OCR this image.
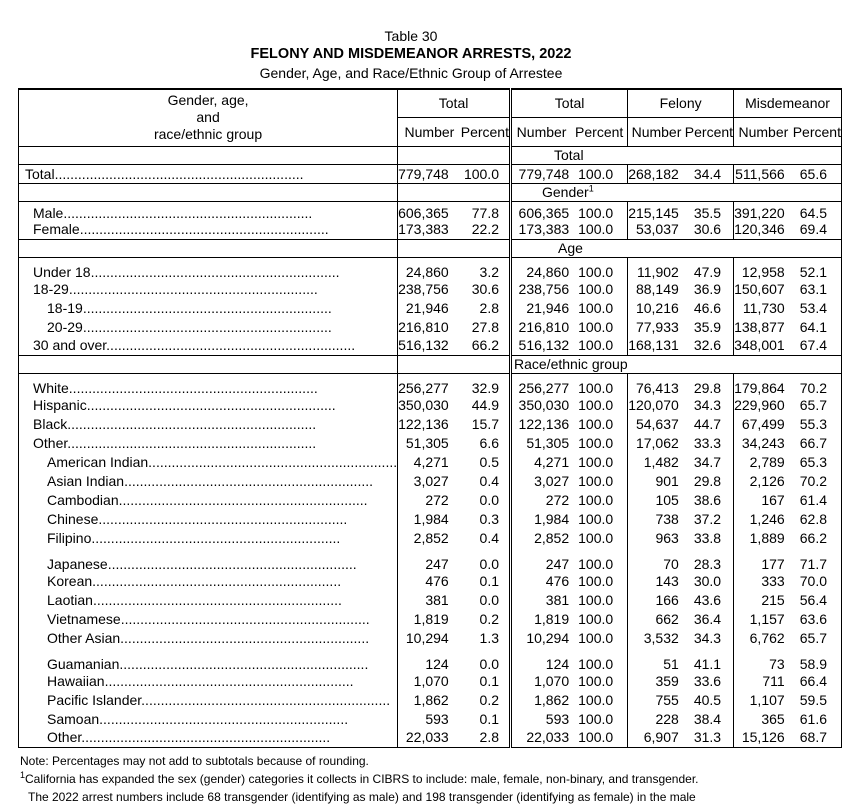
Table 30
FELONY AND MISDEMEANOR ARRESTS, 2022
Gender, Age, and Race/Ethnic Group of Arrestee
Gender, age,
and
race/ethnic group	Total		Total		Felony		Misdemeanor	
	Number	Percent	Number	Percent	Number	Percent	Number	Percent
			Total					
Total .....	779,748	100.0	779,748	100.0	268,182	34.4	511,566	65.6
			Gender$^1$	
Male .....	606,365	77.8	606,365	100.0	215,145	35.5	391,220	64.5
Female .....	173,383	22.2	173,383	100.0	53,037	30.6	120,346	69.4
			Age					
Under 18 .....	24,860	3.2	24,860	100.0	11,902	47.9	12,958	52.1
18-29 .....	238,756	30.6	238,756	100.0	88,149	36.9	150,607	63.1
18-19 .....	21,946	2.8	21,946	100.0	10,216	46.6	11,730	53.4
20-29 .....	216,810	27.8	216,810	100.0	77,933	35.9	138,877	64.1
30 and over .....	516,132	66.2	516,132	100.0	168,131	32.6	348,001	67.4
			Race/ethnic group					
White .....	256,277	32.9	256,277	100.0	76,413	29.8	179,864	70.2
Hispanic .....	350,030	44.9	350,030	100.0	120,070	34.3	229,960	65.7
Black .....	122,136	15.7	122,136	100.0	54,637	44.7	67,499	55.3
Other .....	51,305	6.6	51,305	100.0	17,062	33.3	34,243	66.7
American Indian .....	4,271	0.5	4,271	100.0	1,482	34.7	2,789	65.3
Asian Indian .....	3,027	0.4	3,027	100.0	901	29.8	2,126	70.2
Cambodian .....	272	0.0	272	100.0	105	38.6	167	61.4
Chinese .....	1,984	0.3	1,984	100.0	738	37.2	1,246	62.8
Filipino .....	2,852	0.4	2,852	100.0	963	33.8	1,889	66.2
Japanese .....	247	0.0	247	100.0	70	28.3	177	71.7
Korean .....	476	0.1	476	100.0	143	30.0	333	70.0
Laotian .....	381	0.0	381	100.0	166	43.6	215	56.4
Vietnamese .....	1,819	0.2	1,819	100.0	662	36.4	1,157	63.6
Other Asian .....	10,294	1.3	10,294	100.0	3,532	34.3	6,762	65.7
Guamanian .....	124	0.0	124	100.0	51	41.1	73	58.9
Hawaiian .....	1,070	0.1	1,070	100.0	359	33.6	711	66.4
Pacific Islander .....	1,862	0.2	1,862	100.0	755	40.5	1,107	59.5
Samoan .....	593	0.1	593	100.0	228	38.4	365	61.6
Other .....	22,033	2.8	22,033	100.0	6,907	31.3	15,126	68.7
Note: Percentages may not add to subtotals because of rounding.
$^1$California has expanded the sex (gender) categories it collects in CIBRS to include: male, female, non-binary, and transgender.
The 2022 arrest numbers include 68 transgender (identifying as male) and 198 transgender (identifying as female) in the male
